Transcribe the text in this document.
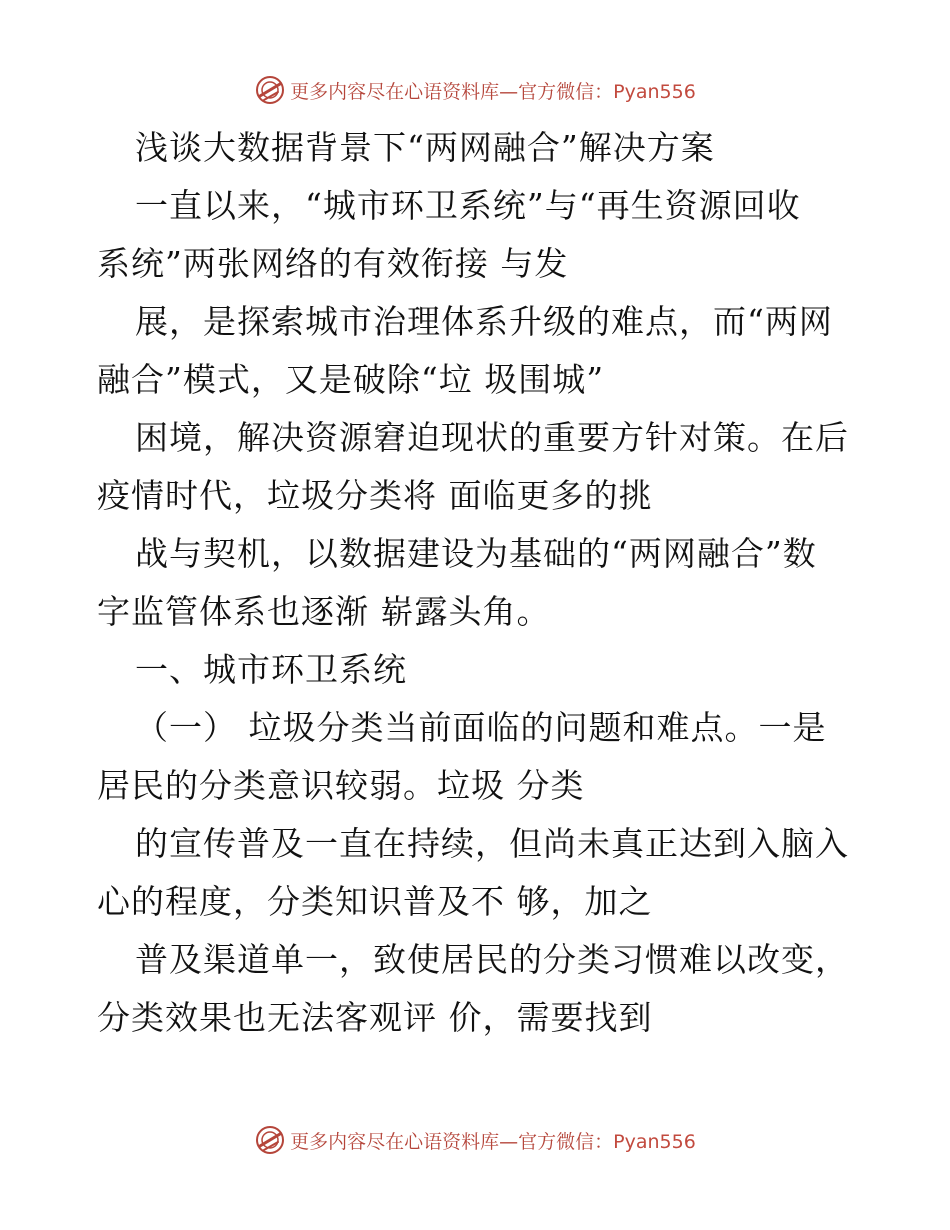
更多内容尽在心语资料库—官方微信：Pyan556
浅谈大数据背景下“两网融合”解决方案
一直以来，“城市环卫系统”与“再生资源回收
系统”两张网络的有效衔接 与发
展，是探索城市治理体系升级的难点，而“两网
融合”模式，又是破除“垃 圾围城”
困境，解决资源窘迫现状的重要方针对策。在后
疫情时代，垃圾分类将 面临更多的挑
战与契机，以数据建设为基础的“两网融合”数
字监管体系也逐渐 崭露头角。
一、城市环卫系统
（一） 垃圾分类当前面临的问题和难点。一是
居民的分类意识较弱。垃圾 分类
的宣传普及一直在持续，但尚未真正达到入脑入
心的程度，分类知识普及不 够，加之
普及渠道单一，致使居民的分类习惯难以改变，
分类效果也无法客观评 价，需要找到
更多内容尽在心语资料库—官方微信：Pyan556
